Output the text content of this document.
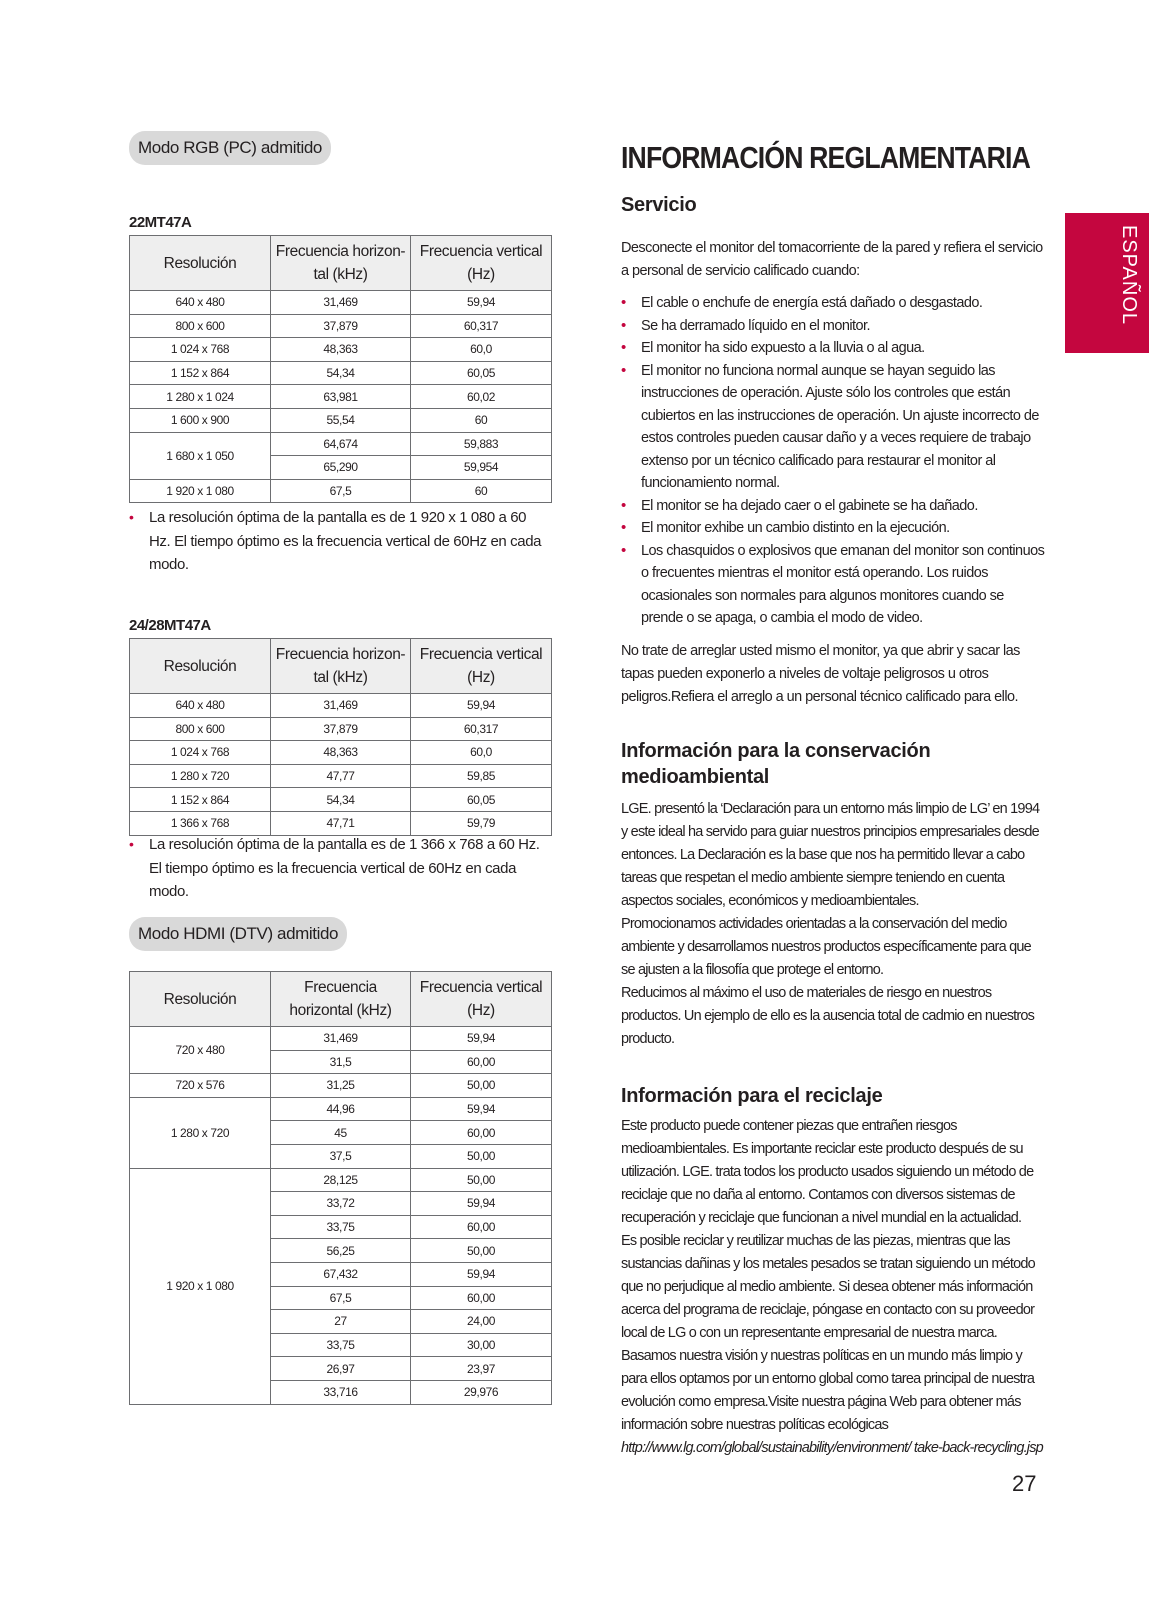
Modo RGB (PC) admitido
22MT47A
Resolución	Frecuencia horizon-tal (kHz)	Frecuencia vertical (Hz)
640 x 480	31,469	59,94
800 x 600	37,879	60,317
1 024 x 768	48,363	60,0
1 152 x 864	54,34	60,05
1 280 x 1 024	63,981	60,02
1 600 x 900	55,54	60
1 680 x 1 050	64,674	59,883
	65,290	59,954
1 920 x 1 080	67,5	60
• La resolución óptima de la pantalla es de 1 920 x 1 080 a 60 Hz. El tiempo óptimo es la frecuencia vertical de 60Hz en cada modo.
24/28MT47A
Resolución	Frecuencia horizon-tal (kHz)	Frecuencia vertical (Hz)
640 x 480	31,469	59,94
800 x 600	37,879	60,317
1 024 x 768	48,363	60,0
1 280 x 720	47,77	59,85
1 152 x 864	54,34	60,05
1 366 x 768	47,71	59,79
• La resolución óptima de la pantalla es de 1 366 x 768 a 60 Hz. El tiempo óptimo es la frecuencia vertical de 60Hz en cada modo.
Modo HDMI (DTV) admitido
Resolución	Frecuencia horizontal (kHz)	Frecuencia vertical (Hz)
720 x 480	31,469	59,94
	31,5	60,00
720 x 576	31,25	50,00
1 280 x 720	44,96	59,94
	45	60,00
	37,5	50,00
1 920 x 1 080	28,125	50,00
	33,72	59,94
	33,75	60,00
	56,25	50,00
	67,432	59,94
	67,5	60,00
	27	24,00
	33,75	30,00
	26,97	23,97
	33,716	29,976
INFORMACIÓN REGLAMENTARIA
Servicio
Desconecte el monitor del tomacorriente de la pared y refiera el servicio a personal de servicio calificado cuando:
• El cable o enchufe de energía está dañado o desgastado.
• Se ha derramado líquido en el monitor.
• El monitor ha sido expuesto a la lluvia o al agua.
• El monitor no funciona normal aunque se hayan seguido las instrucciones de operación. Ajuste sólo los controles que están cubiertos en las instrucciones de operación. Un ajuste incorrecto de estos controles pueden causar daño y a veces requiere de trabajo extenso por un técnico calificado para restaurar el monitor al funcionamiento normal.
• El monitor se ha dejado caer o el gabinete se ha dañado.
• El monitor exhibe un cambio distinto en la ejecución.
• Los chasquidos o explosivos que emanan del monitor son continuos o frecuentes mientras el monitor está operando. Los ruidos ocasionales son normales para algunos monitores cuando se prende o se apaga, o cambia el modo de video.
No trate de arreglar usted mismo el monitor, ya que abrir y sacar las tapas pueden exponerlo a niveles de voltaje peligrosos u otros peligros.Refiera el arreglo a un personal técnico calificado para ello.
Información para la conservación medioambiental
LGE. presentó la ‘Declaración para un entorno más limpio de LG’ en 1994 y este ideal ha servido para guiar nuestros principios empresariales desde entonces. La Declaración es la base que nos ha permitido llevar a cabo tareas que respetan el medio ambiente siempre teniendo en cuenta aspectos sociales, económicos y medioambientales.
Promocionamos actividades orientadas a la conservación del medio ambiente y desarrollamos nuestros productos específicamente para que se ajusten a la filosofía que protege el entorno.
Reducimos al máximo el uso de materiales de riesgo en nuestros productos. Un ejemplo de ello es la ausencia total de cadmio en nuestros producto.
Información para el reciclaje
Este producto puede contener piezas que entrañen riesgos medioambientales. Es importante reciclar este producto después de su utilización. LGE. trata todos los producto usados siguiendo un método de reciclaje que no daña al entorno. Contamos con diversos sistemas de recuperación y reciclaje que funcionan a nivel mundial en la actualidad.
Es posible reciclar y reutilizar muchas de las piezas, mientras que las sustancias dañinas y los metales pesados se tratan siguiendo un método que no perjudique al medio ambiente. Si desea obtener más información acerca del programa de reciclaje, póngase en contacto con su proveedor local de LG o con un representante empresarial de nuestra marca.
Basamos nuestra visión y nuestras políticas en un mundo más limpio y para ellos optamos por un entorno global como tarea principal de nuestra evolución como empresa.Visite nuestra página Web para obtener más información sobre nuestras políticas ecológicas
http://www.lg.com/global/sustainability/environment/ take-back-recycling.jsp
ESPAÑOL
27
